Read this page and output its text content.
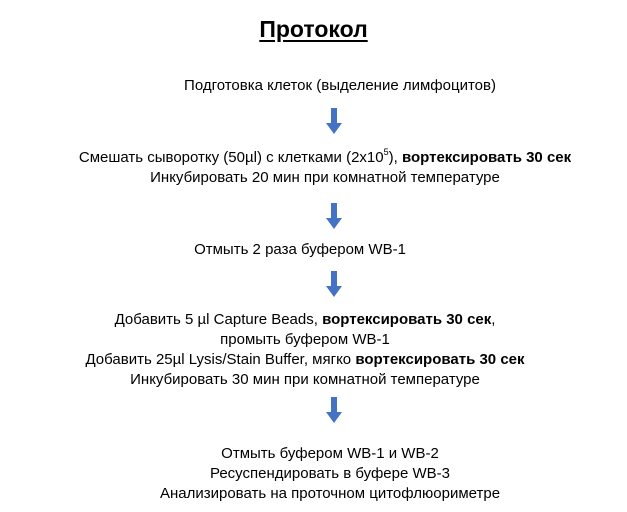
Протокол
Подготовка клеток (выделение лимфоцитов)
Смешать сыворотку (50µl) с клетками $(2x10^5)$, вортексировать 30 сек
Инкубировать 20 мин при комнатной температуре
Отмыть 2 раза буфером WB-1
Добавить 5 µl Capture Beads, вортексировать 30 сек,
промыть буфером WB-1
Добавить 25µl Lysis/Stain Buffer, мягко вортексировать 30 сек
Инкубировать 30 мин при комнатной температуре
Отмыть буфером WB-1 и WB-2
Ресуспендировать в буфере WB-3
Анализировать на проточном цитофлюориметре
